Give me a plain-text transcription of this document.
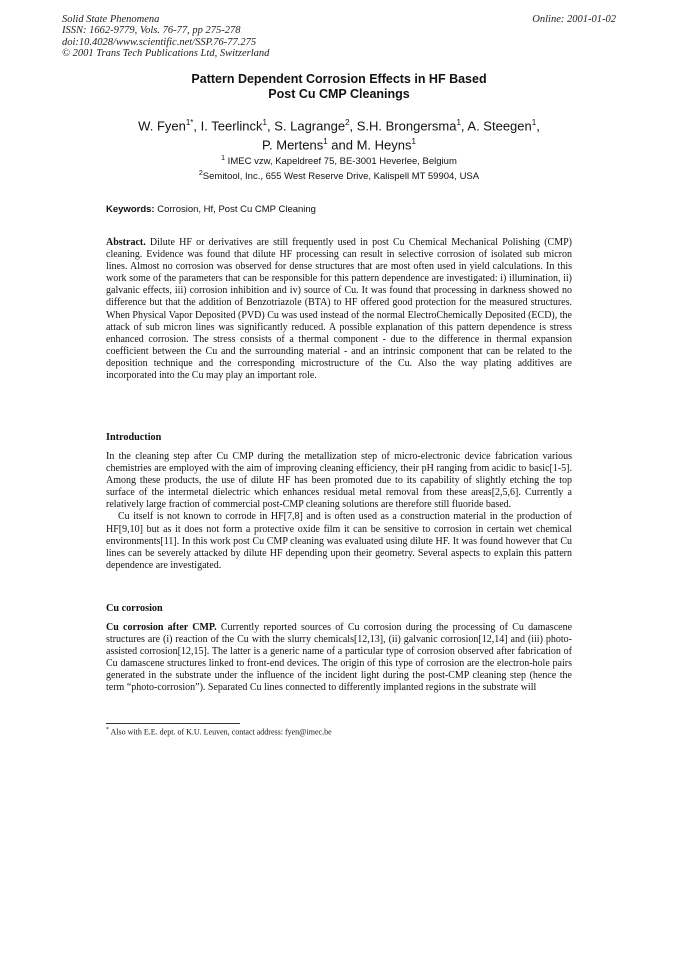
Solid State Phenomena
ISSN: 1662-9779, Vols. 76-77, pp 275-278
doi:10.4028/www.scientific.net/SSP.76-77.275
© 2001 Trans Tech Publications Ltd, Switzerland
Online: 2001-01-02
Pattern Dependent Corrosion Effects in HF Based
Post Cu CMP Cleanings
W. Fyen$^{1*}$, I. Teerlinck$^1$, S. Lagrange$^2$, S.H. Brongersma$^1$, A. Steegen$^1$,
P. Mertens$^1$ and M. Heyns$^1$
$^1$ IMEC vzw, Kapeldreef 75, BE-3001 Heverlee, Belgium
$^2$Semitool, Inc., 655 West Reserve Drive, Kalispell MT 59904, USA
Keywords: Corrosion, Hf, Post Cu CMP Cleaning

Abstract. Dilute HF or derivatives are still frequently used in post Cu Chemical Mechanical Polishing (CMP) cleaning. Evidence was found that dilute HF processing can result in selective corrosion of isolated sub micron lines. Almost no corrosion was observed for dense structures that are most often used in yield calculations. In this work some of the parameters that can be responsible for this pattern dependence are investigated: i) illumination, ii) galvanic effects, iii) corrosion inhibition and iv) source of Cu. It was found that processing in darkness showed no difference but that the addition of Benzotriazole (BTA) to HF offered good protection for the measured structures. When Physical Vapor Deposited (PVD) Cu was used instead of the normal ElectroChemically Deposited (ECD), the attack of sub micron lines was significantly reduced. A possible explanation of this pattern dependence is stress enhanced corrosion. The stress consists of a thermal component - due to the difference in thermal expansion coefficient between the Cu and the surrounding material - and an intrinsic component that can be related to the deposition technique and the corresponding microstructure of the Cu. Also the way plating additives are incorporated into the Cu may play an important role.

Introduction

In the cleaning step after Cu CMP during the metallization step of micro-electronic device fabrication various chemistries are employed with the aim of improving cleaning efficiency, their pH ranging from acidic to basic[1-5]. Among these products, the use of dilute HF has been promoted due to its capability of slightly etching the top surface of the intermetal dielectric which enhances residual metal removal from these areas[2,5,6]. Currently a relatively large fraction of commercial post-CMP cleaning solutions are therefore still fluoride based.

Cu itself is not known to corrode in HF[7,8] and is often used as a construction material in the production of HF[9,10] but as it does not form a protective oxide film it can be sensitive to corrosion in certain wet chemical environments[11]. In this work post Cu CMP cleaning was evaluated using dilute HF. It was found however that Cu lines can be severely attacked by dilute HF depending upon their geometry. Several aspects to explain this pattern dependence are investigated.

Cu corrosion

Cu corrosion after CMP. Currently reported sources of Cu corrosion during the processing of Cu damascene structures are (i) reaction of the Cu with the slurry chemicals[12,13], (ii) galvanic corrosion[12,14] and (iii) photo-assisted corrosion[12,15]. The latter is a generic name of a particular type of corrosion observed after fabrication of Cu damascene structures linked to front-end devices. The origin of this type of corrosion are the electron-hole pairs generated in the substrate under the influence of the incident light during the post-CMP cleaning step (hence the term “photo-corrosion”). Separated Cu lines connected to differently implanted regions in the substrate will

* Also with E.E. dept. of K.U. Leuven, contact address: fyen@imec.be
